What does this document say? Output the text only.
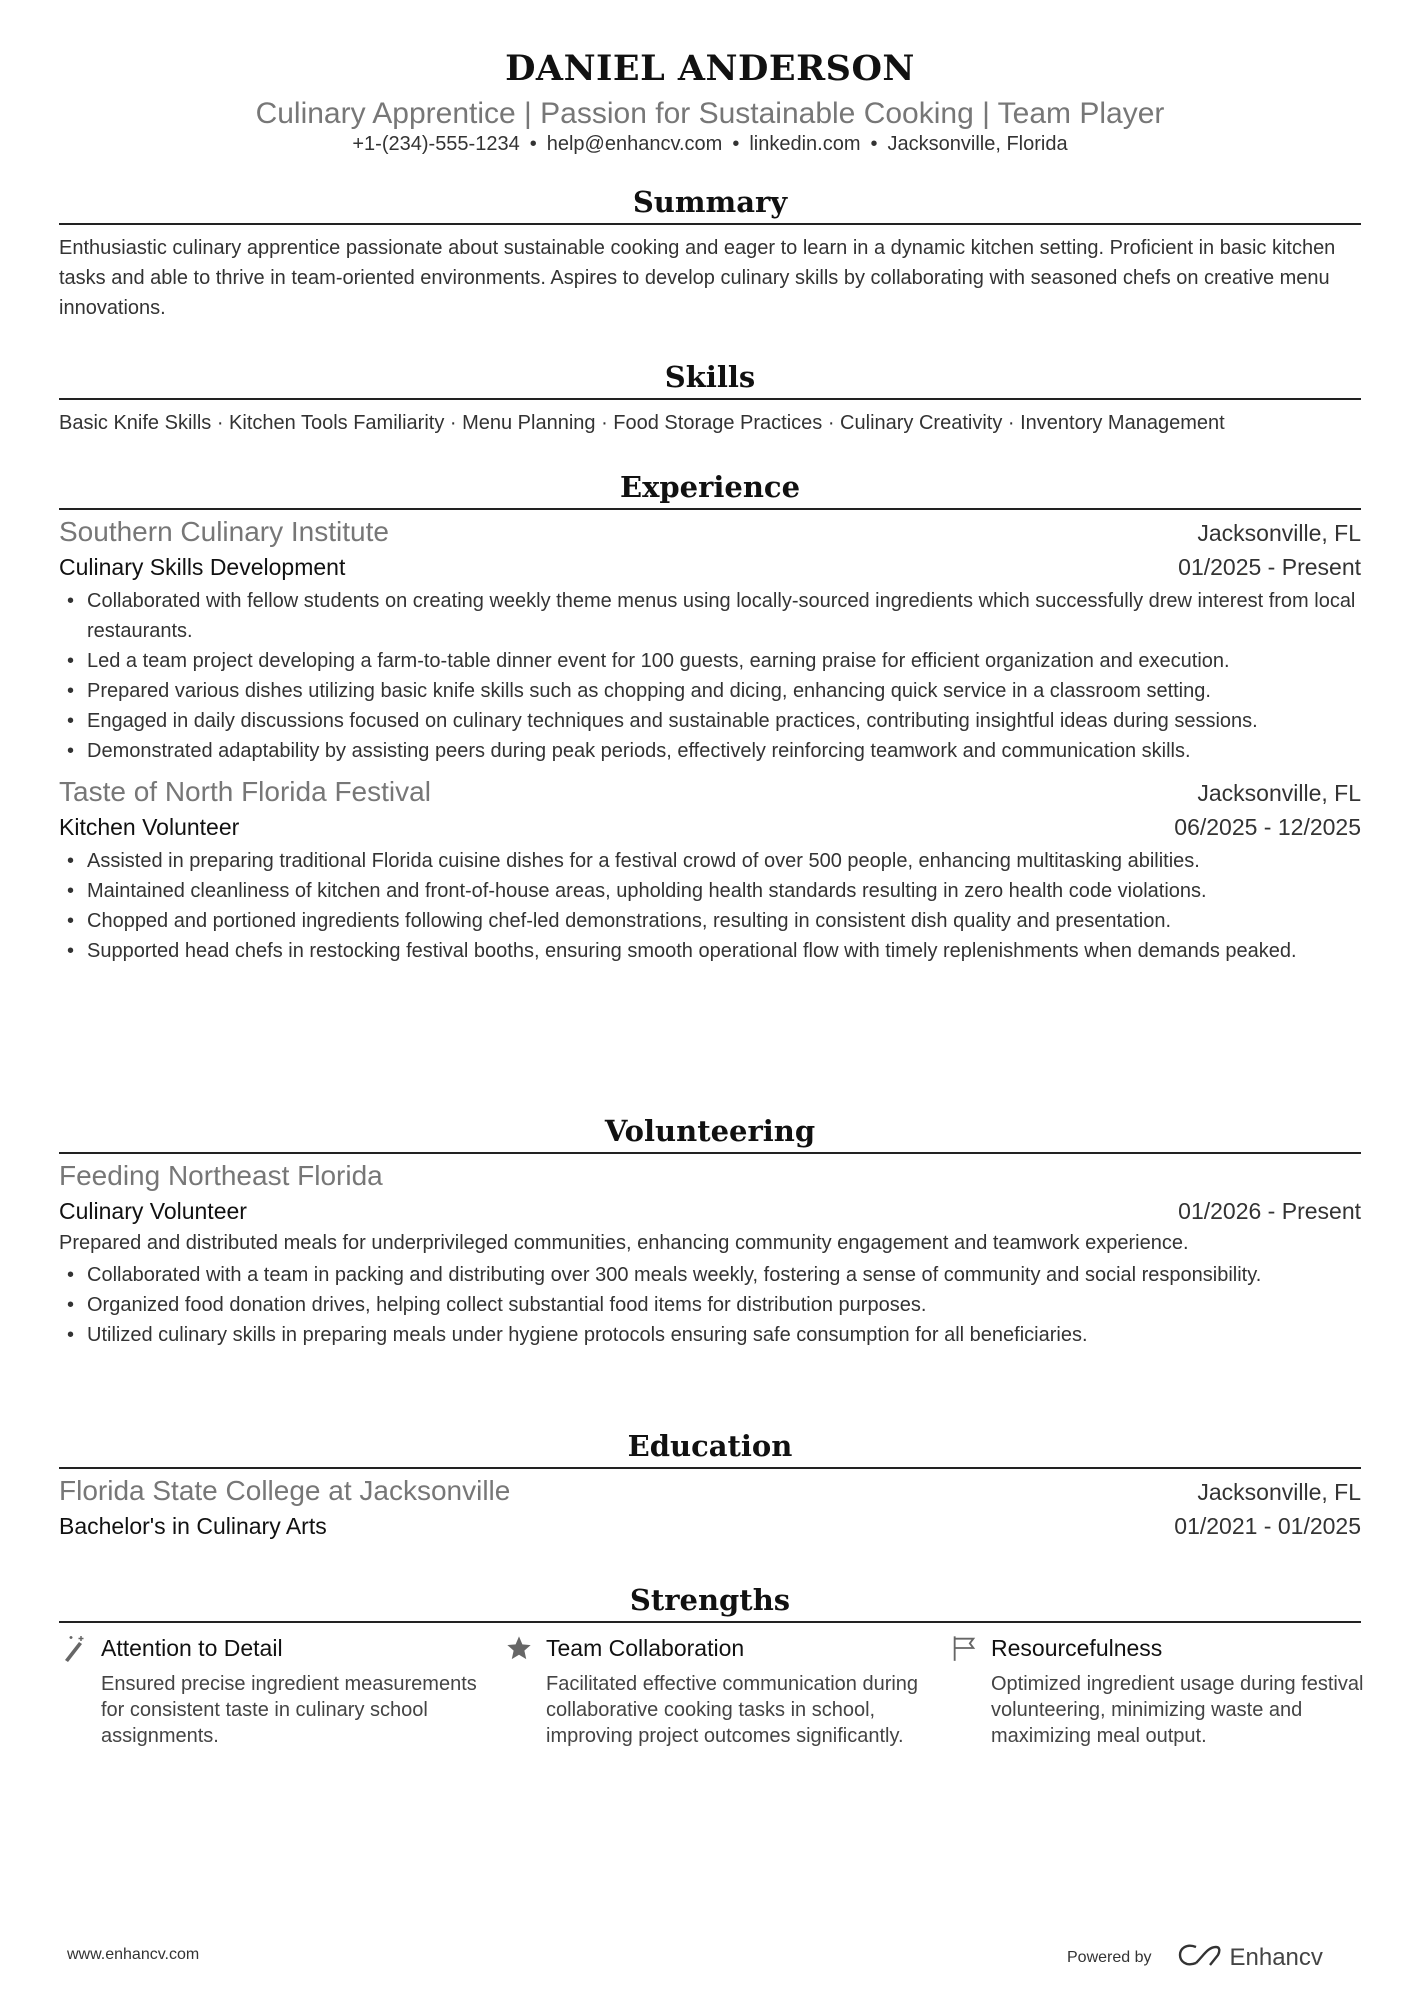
DANIEL ANDERSON
Culinary Apprentice | Passion for Sustainable Cooking | Team Player
+1-(234)-555-1234 • help@enhancv.com • linkedin.com • Jacksonville, Florida
Summary
Enthusiastic culinary apprentice passionate about sustainable cooking and eager to learn in a dynamic kitchen setting. Proficient in basic kitchen tasks and able to thrive in team-oriented environments. Aspires to develop culinary skills by collaborating with seasoned chefs on creative menu innovations.
Skills
Basic Knife Skills · Kitchen Tools Familiarity · Menu Planning · Food Storage Practices · Culinary Creativity · Inventory Management
Experience
Southern Culinary Institute	Jacksonville, FL
Culinary Skills Development	01/2025 - Present
• Collaborated with fellow students on creating weekly theme menus using locally-sourced ingredients which successfully drew interest from local restaurants.
• Led a team project developing a farm-to-table dinner event for 100 guests, earning praise for efficient organization and execution.
• Prepared various dishes utilizing basic knife skills such as chopping and dicing, enhancing quick service in a classroom setting.
• Engaged in daily discussions focused on culinary techniques and sustainable practices, contributing insightful ideas during sessions.
• Demonstrated adaptability by assisting peers during peak periods, effectively reinforcing teamwork and communication skills.
Taste of North Florida Festival	Jacksonville, FL
Kitchen Volunteer	06/2025 - 12/2025
• Assisted in preparing traditional Florida cuisine dishes for a festival crowd of over 500 people, enhancing multitasking abilities.
• Maintained cleanliness of kitchen and front-of-house areas, upholding health standards resulting in zero health code violations.
• Chopped and portioned ingredients following chef-led demonstrations, resulting in consistent dish quality and presentation.
• Supported head chefs in restocking festival booths, ensuring smooth operational flow with timely replenishments when demands peaked.
Volunteering
Feeding Northeast Florida
Culinary Volunteer	01/2026 - Present
Prepared and distributed meals for underprivileged communities, enhancing community engagement and teamwork experience.
• Collaborated with a team in packing and distributing over 300 meals weekly, fostering a sense of community and social responsibility.
• Organized food donation drives, helping collect substantial food items for distribution purposes.
• Utilized culinary skills in preparing meals under hygiene protocols ensuring safe consumption for all beneficiaries.
Education
Florida State College at Jacksonville	Jacksonville, FL
Bachelor's in Culinary Arts	01/2021 - 01/2025
Strengths
Attention to Detail
Ensured precise ingredient measurements for consistent taste in culinary school assignments.
Team Collaboration
Facilitated effective communication during collaborative cooking tasks in school, improving project outcomes significantly.
Resourcefulness
Optimized ingredient usage during festival volunteering, minimizing waste and maximizing meal output.
www.enhancv.com	Powered by	Enhancv
